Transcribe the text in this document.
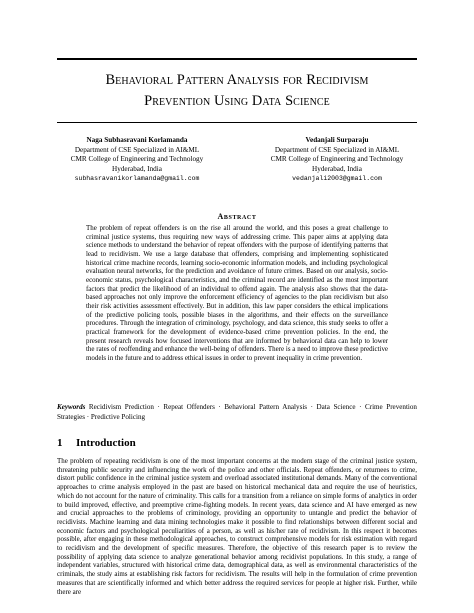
Behavioral Pattern Analysis for Recidivism
Prevention Using Data Science
Naga Subhasravani Korlamanda
Department of CSE Specialized in AI&ML
CMR College of Engineering and Technology
Hyderabad, India
subhasravanikorlamanda@gmail.com
Vedanjali Surparaju
Department of CSE Specialized in AI&ML
CMR College of Engineering and Technology
Hyderabad, India
vedanjali2003@gmail.com
Abstract

The problem of repeat offenders is on the rise all around the world, and this poses a great challenge to criminal justice systems, thus requiring new ways of addressing crime. This paper aims at applying data science methods to understand the behavior of repeat offenders with the purpose of identifying patterns that lead to recidivism. We use a large database that offenders, comprising and implementing sophisticated historical crime machine records, learning socio-economic information models, and including psychological evaluation neural networks, for the prediction and avoidance of future crimes. Based on our analysis, socio-economic status, psychological characteristics, and the criminal record are identified as the most important factors that predict the likelihood of an individual to offend again. The analysis also shows that the data-based approaches not only improve the enforcement efficiency of agencies to the plan recidivism but also their risk activities assessment effectively. But in addition, this law paper considers the ethical implications of the predictive policing tools, possible biases in the algorithms, and their effects on the surveillance procedures. Through the integration of criminology, psychology, and data science, this study seeks to offer a practical framework for the development of evidence-based crime prevention policies. In the end, the present research reveals how focused interventions that are informed by behavioral data can help to lower the rates of reoffending and enhance the well-being of offenders. There is a need to improve these predictive models in the future and to address ethical issues in order to prevent inequality in crime prevention.

Keywords Recidivism Prediction · Repeat Offenders · Behavioral Pattern Analysis · Data Science · Crime Prevention Strategies · Predictive Policing

1 Introduction

The problem of repeating recidivism is one of the most important concerns at the modern stage of the criminal justice system, threatening public security and influencing the work of the police and other officials. Repeat offenders, or returnees to crime, distort public confidence in the criminal justice system and overload associated institutional demands. Many of the conventional approaches to crime analysis employed in the past are based on historical mechanical data and require the use of heuristics, which do not account for the nature of criminality. This calls for a transition from a reliance on simple forms of analytics in order to build improved, effective, and preemptive crime-fighting models. In recent years, data science and AI have emerged as new and crucial approaches to the problems of criminology, providing an opportunity to untangle and predict the behavior of recidivists. Machine learning and data mining technologies make it possible to find relationships between different social and economic factors and psychological peculiarities of a person, as well as his/her rate of recidivism. In this respect it becomes possible, after engaging in these methodological approaches, to construct comprehensive models for risk estimation with regard to recidivism and the development of specific measures. Therefore, the objective of this research paper is to review the possibility of applying data science to analyze generational behavior among recidivist populations. In this study, a range of independent variables, structured with historical crime data, demographical data, as well as environmental characteristics of the criminals, the study aims at establishing risk factors for recidivism. The results will help in the formulation of crime prevention measures that are scientifically informed and which better address the required services for people at higher risk. Further, while there are
